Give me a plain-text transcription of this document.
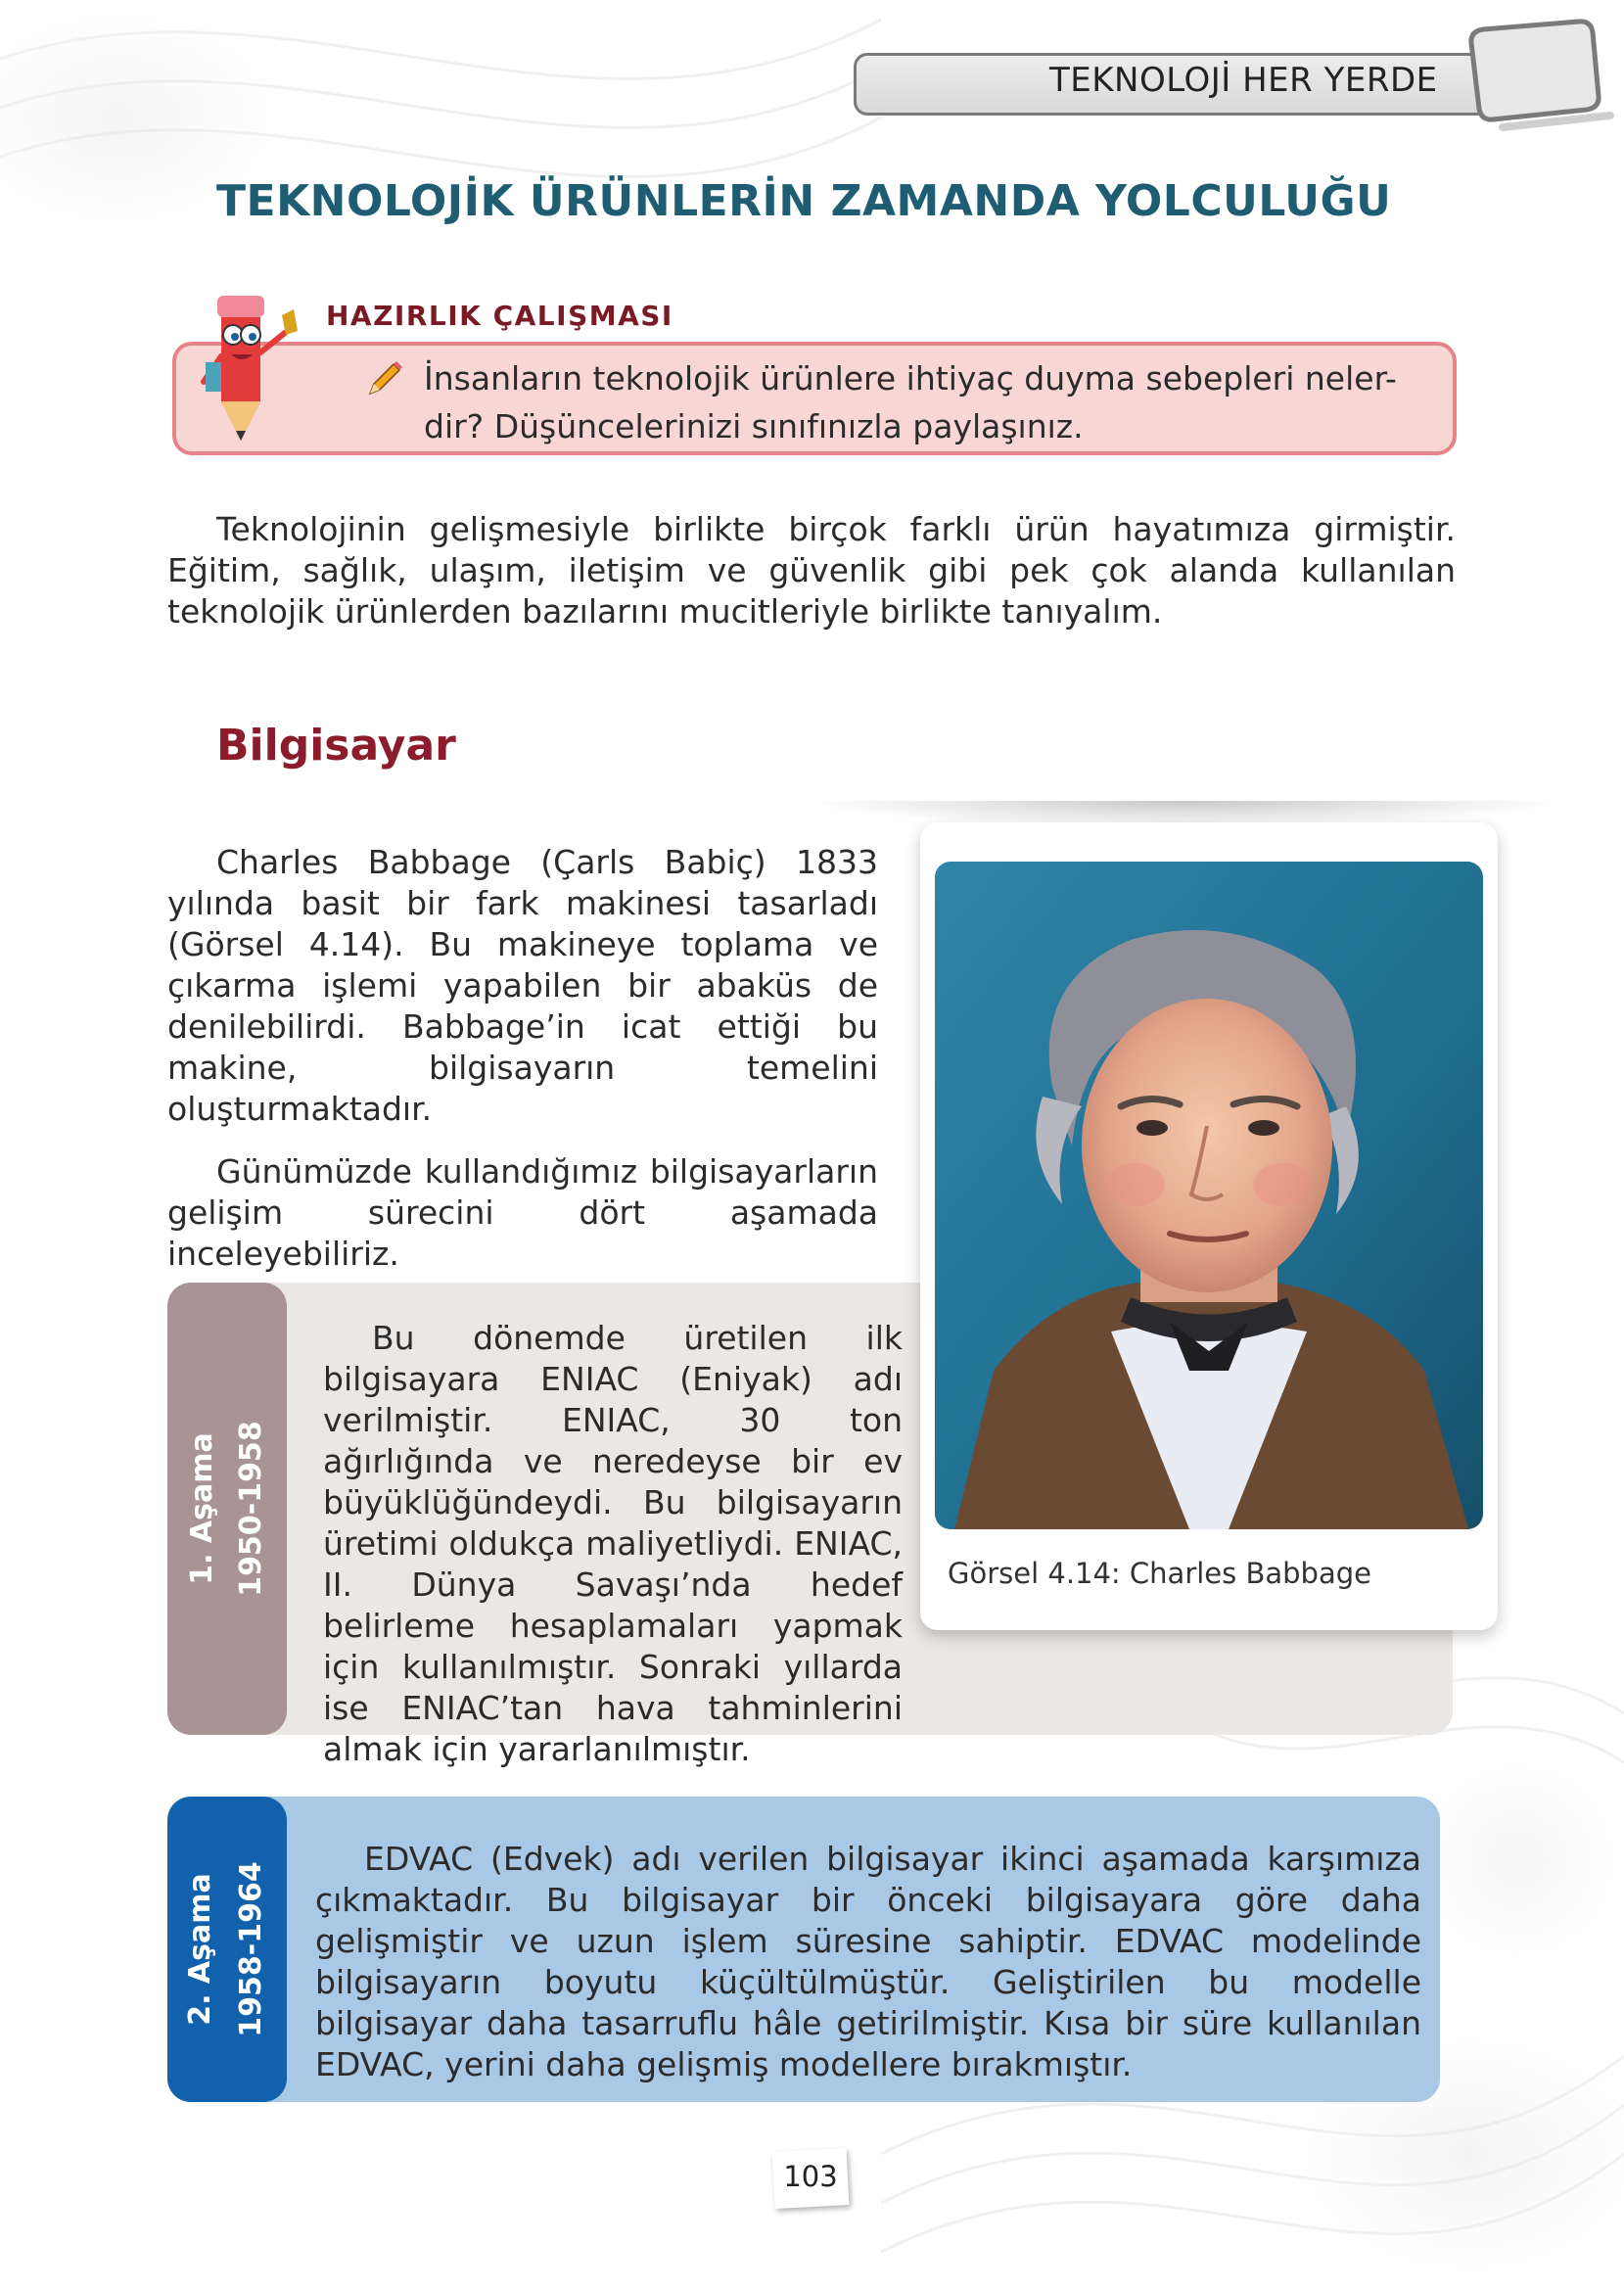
TEKNOLOJİ HER YERDE
TEKNOLOJİK ÜRÜNLERİN ZAMANDA YOLCULUĞU
HAZIRLIK ÇALIŞMASI
İnsanların teknolojik ürünlere ihtiyaç duyma sebepleri neler-
dir? Düşüncelerinizi sınıfınızla paylaşınız.
Teknolojinin gelişmesiyle birlikte birçok farklı ürün hayatımıza girmiştir. Eğitim, sağlık, ulaşım, iletişim ve güvenlik gibi pek çok alanda kullanılan teknolojik ürünlerden bazılarını mucitleriyle birlikte tanıyalım.
Bilgisayar

Charles Babbage (Çarls Babiç) 1833 yılında basit bir fark makinesi tasarladı (Görsel 4.14). Bu makineye toplama ve çıkarma işlemi yapabilen bir abaküs de denilebilirdi. Babbage’in icat ettiği bu makine, bilgisayarın temelini oluşturmaktadır.

Günümüzde kullandığımız bilgisayarların gelişim sürecini dört aşamada inceleyebiliriz.

1. Aşama 1950-1958
Bu dönemde üretilen ilk bilgisayara ENIAC (Eniyak) adı verilmiştir. ENIAC, 30 ton ağırlığında ve neredeyse bir ev büyüklüğündeydi. Bu bilgisayarın üretimi oldukça maliyetliydi. ENIAC, II. Dünya Savaşı’nda hedef belirleme hesaplamaları yapmak için kullanılmıştır. Sonraki yıllarda ise ENIAC’tan hava tahminlerini almak için yararlanılmıştır.
Görsel 4.14: Charles Babbage
2. Aşama 1958-1964
EDVAC (Edvek) adı verilen bilgisayar ikinci aşamada karşımıza çıkmaktadır. Bu bilgisayar bir önceki bilgisayara göre daha gelişmiştir ve uzun işlem süresine sahiptir. EDVAC modelinde bilgisayarın boyutu küçültülmüştür. Geliştirilen bu modelle bilgisayar daha tasarruflu hâle getirilmiştir. Kısa bir süre kullanılan EDVAC, yerini daha gelişmiş modellere bırakmıştır.
103
